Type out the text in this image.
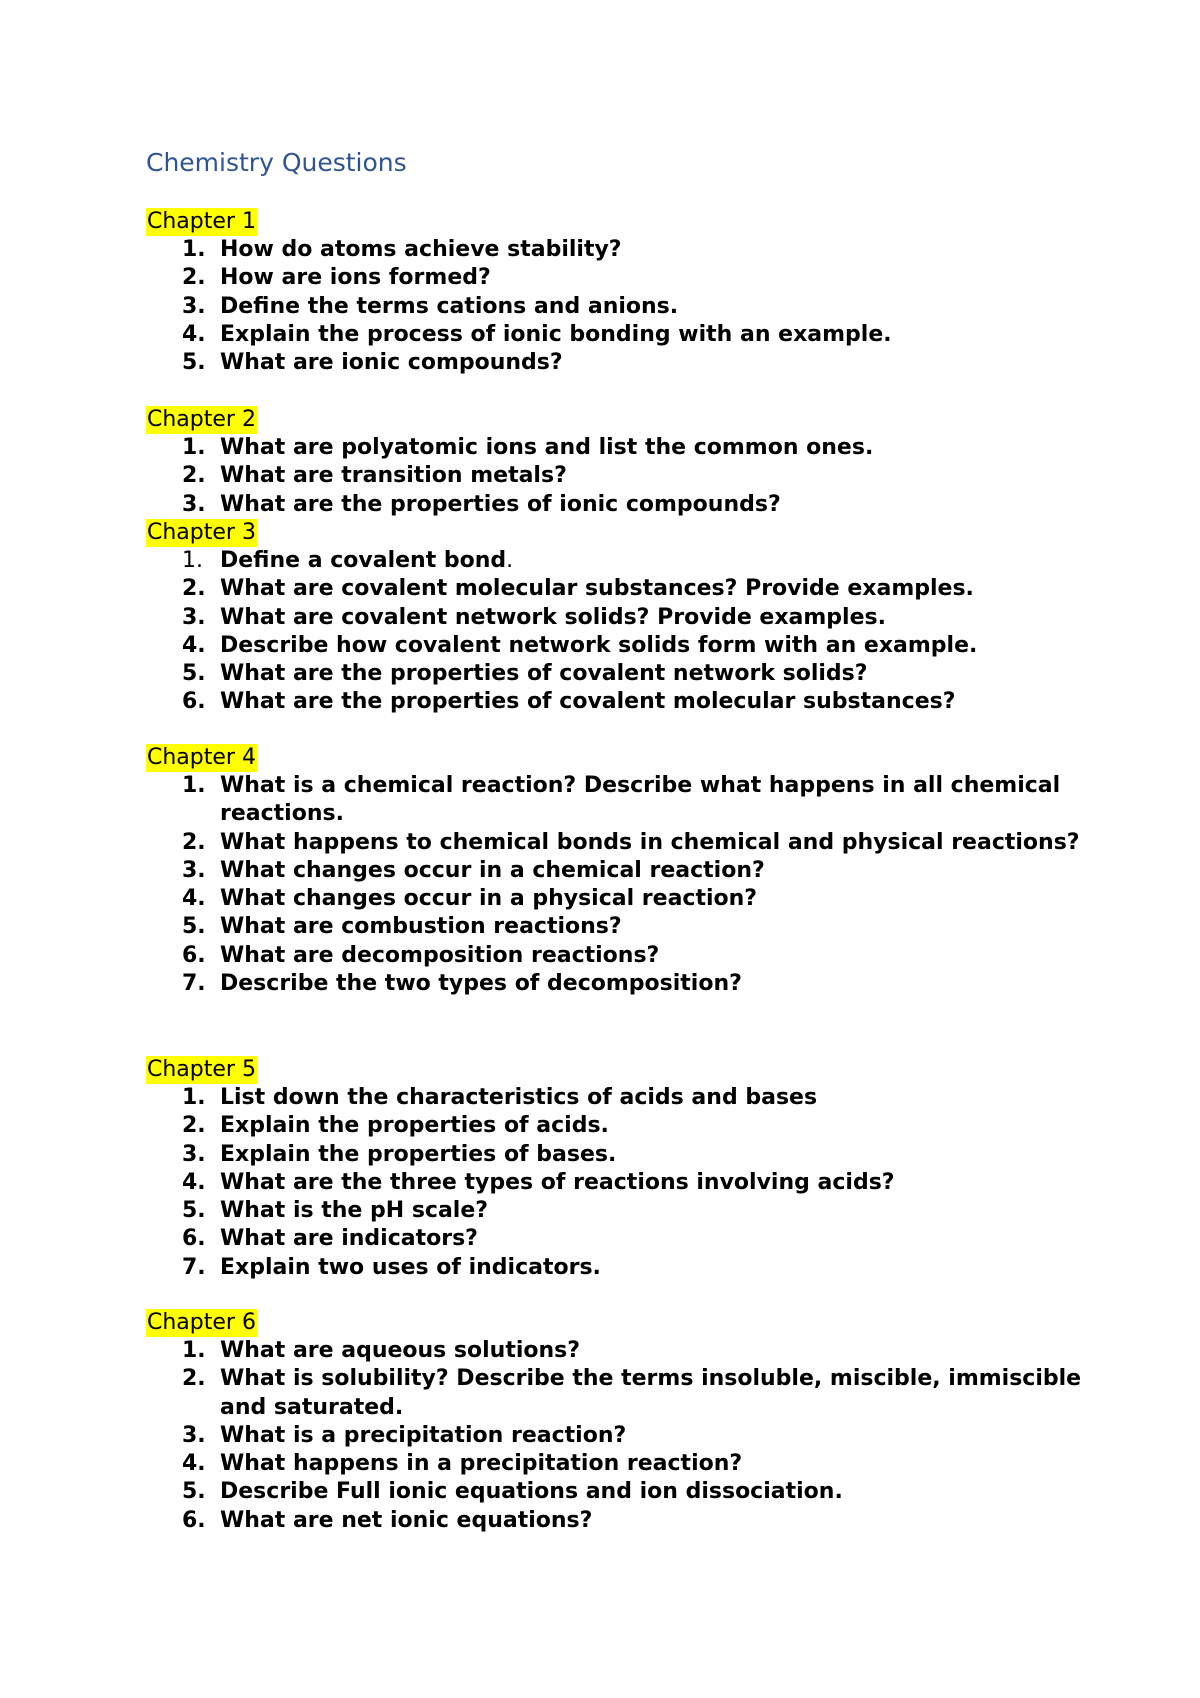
Chemistry Questions
Chapter 1
1. How do atoms achieve stability?
2. How are ions formed?
3. Define the terms cations and anions.
4. Explain the process of ionic bonding with an example.
5. What are ionic compounds?
Chapter 2
1. What are polyatomic ions and list the common ones.
2. What are transition metals?
3. What are the properties of ionic compounds?
Chapter 3
1. Define a covalent bond.
2. What are covalent molecular substances? Provide examples.
3. What are covalent network solids? Provide examples.
4. Describe how covalent network solids form with an example.
5. What are the properties of covalent network solids?
6. What are the properties of covalent molecular substances?
Chapter 4
1. What is a chemical reaction? Describe what happens in all chemical reactions.
2. What happens to chemical bonds in chemical and physical reactions?
3. What changes occur in a chemical reaction?
4. What changes occur in a physical reaction?
5. What are combustion reactions?
6. What are decomposition reactions?
7. Describe the two types of decomposition?
Chapter 5
1. List down the characteristics of acids and bases
2. Explain the properties of acids.
3. Explain the properties of bases.
4. What are the three types of reactions involving acids?
5. What is the pH scale?
6. What are indicators?
7. Explain two uses of indicators.
Chapter 6
1. What are aqueous solutions?
2. What is solubility? Describe the terms insoluble, miscible, immiscible and saturated.
3. What is a precipitation reaction?
4. What happens in a precipitation reaction?
5. Describe Full ionic equations and ion dissociation.
6. What are net ionic equations?
